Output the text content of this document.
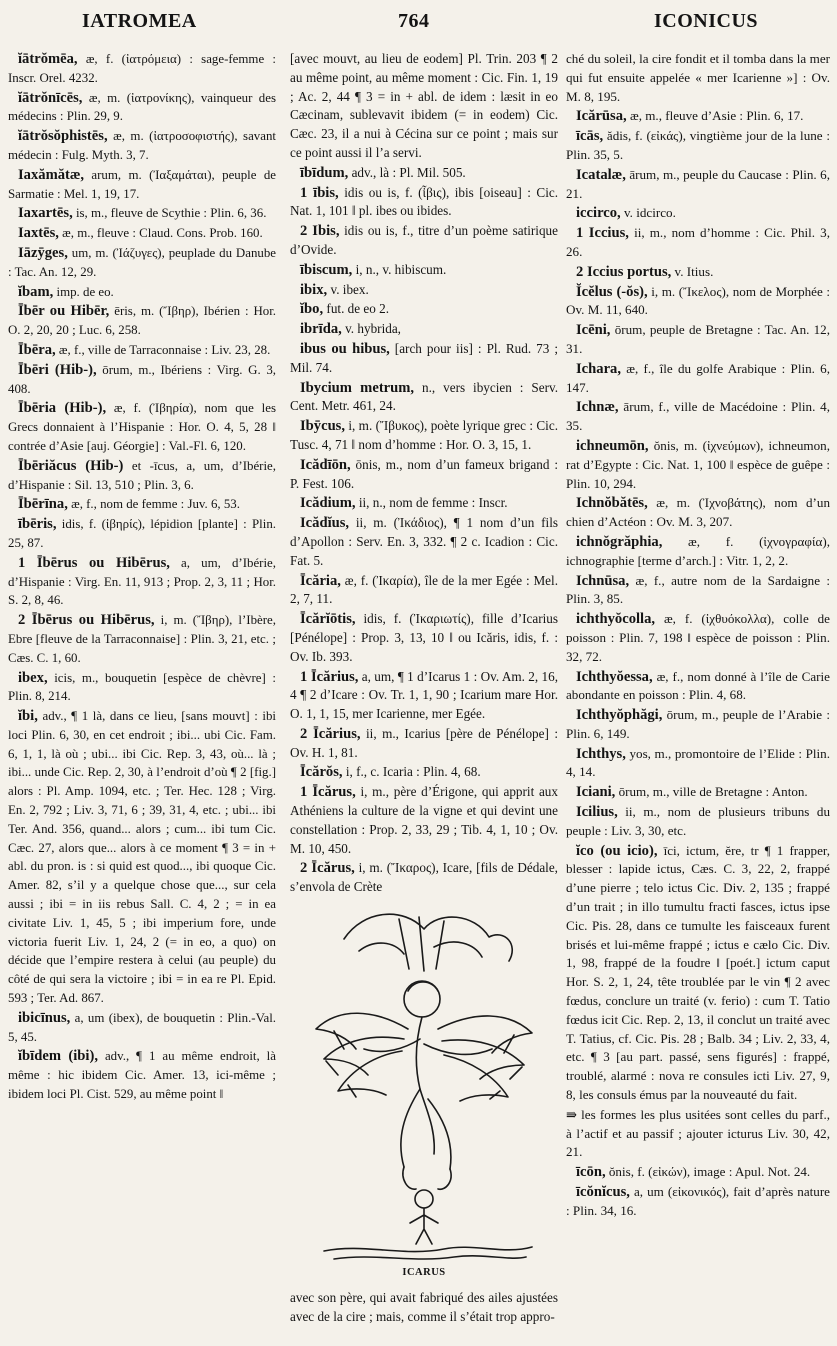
IATROMEA	764	ICONICUS

ĭātrŏmēa, æ, f. (ἰατρόμεια) : sage-femme : Inscr. Orel. 4232.

ĭātrŏnīcēs, æ, m. (ἰατρονίκης), vainqueur des médecins : Plin. 29, 9.

ĭātrŏsŏphistēs, æ, m. (ἰατροσοφιστής), savant médecin : Fulg. Myth. 3, 7.

Iaxămătæ, arum, m. (Ἰαξαμάται), peuple de Sarmatie : Mel. 1, 19, 17.

Iaxartēs, is, m., fleuve de Scythie : Plin. 6, 36.

Iaxtēs, æ, m., fleuve : Claud. Cons. Prob. 160.

Iāzȳges, um, m. (Ἰάζυγες), peuplade du Danube : Tac. An. 12, 29.

ĭbam, imp. de eo.

Ībēr ou Hibēr, ēris, m. (Ἴβηρ), Ibérien : Hor. O. 2, 20, 20 ; Luc. 6, 258.

Ībēra, æ, f., ville de Tarraconnaise : Liv. 23, 28.

Ībēri (Hib-), ōrum, m., Ibériens : Virg. G. 3, 408.

Ībēria (Hib-), æ, f. (Ἰβηρία), nom que les Grecs donnaient à l’Hispanie : Hor. O. 4, 5, 28 ‖ contrée d’Asie [auj. Géorgie] : Val.-Fl. 6, 120.

Ībēriăcus (Hib-) et -īcus, a, um, d’Ibérie, d’Hispanie : Sil. 13, 510 ; Plin. 3, 6.

Ībērīna, æ, f., nom de femme : Juv. 6, 53.

ībēris, idis, f. (ἰβηρίς), lépidion [plante] : Plin. 25, 87.

1 Ībērus ou Hibērus, a, um, d’Ibérie, d’Hispanie : Virg. En. 11, 913 ; Prop. 2, 3, 11 ; Hor. S. 2, 8, 46.

2 Ībērus ou Hibērus, i, m. (Ἴβηρ), l’Ibère, Ebre [fleuve de la Tarraconnaise] : Plin. 3, 21, etc. ; Cæs. C. 1, 60.

ibex, icis, m., bouquetin [espèce de chèvre] : Plin. 8, 214.

ĭbi, adv., ¶ 1 là, dans ce lieu, [sans mouvt] : ibi loci Plin. 6, 30, en cet endroit ; ibi... ubi Cic. Fam. 6, 1, 1, là où ; ubi... ibi Cic. Rep. 3, 43, où... là ; ibi... unde Cic. Rep. 2, 30, à l’endroit d’où ¶ 2 [fig.] alors : Pl. Amp. 1094, etc. ; Ter. Hec. 128 ; Virg. En. 2, 792 ; Liv. 3, 71, 6 ; 39, 31, 4, etc. ; ubi... ibi Ter. And. 356, quand... alors ; cum... ibi tum Cic. Cæc. 27, alors que... alors à ce moment ¶ 3 = in + abl. du pron. is : si quid est quod..., ibi quoque Cic. Amer. 82, s’il y a quelque chose que..., sur cela aussi ; ibi = in iis rebus Sall. C. 4, 2 ; = in ea civitate Liv. 1, 45, 5 ; ibi imperium fore, unde victoria fuerit Liv. 1, 24, 2 (= in eo, a quo) on décide que l’empire restera à celui (au peuple) du côté de qui sera la victoire ; ibi = in ea re Pl. Epid. 593 ; Ter. Ad. 867.

ibicīnus, a, um (ibex), de bouquetin : Plin.-Val. 5, 45.

ĭbīdem (ibi), adv., ¶ 1 au même endroit, là même : hic ibidem Cic. Amer. 13, ici-même ; ibidem loci Pl. Cist. 529, au même point ‖

[avec mouvt, au lieu de eodem] Pl. Trin. 203 ¶ 2 au même point, au même moment : Cic. Fin. 1, 19 ; Ac. 2, 44 ¶ 3 = in + abl. de idem : læsit in eo Cæcinam, sublevavit ibidem (= in eodem) Cic. Cæc. 23, il a nui à Cécina sur ce point ; mais sur ce point aussi il l’a servi.

ībīdum, adv., là : Pl. Mil. 505.

1 ībis, idis ou is, f. (ἶβις), ibis [oiseau] : Cic. Nat. 1, 101 ‖ pl. ibes ou ibides.

2 Ibis, idis ou is, f., titre d’un poème satirique d’Ovide.

ībiscum, i, n., v. hibiscum.

ibix, v. ibex.

ĭbo, fut. de eo 2.

ibrīda, v. hybrida,

ibus ou hibus, [arch pour iis] : Pl. Rud. 73 ; Mil. 74.

Ibycium metrum, n., vers ibycien : Serv. Cent. Metr. 461, 24.

Ibȳcus, i, m. (Ἴβυκος), poète lyrique grec : Cic. Tusc. 4, 71 ‖ nom d’homme : Hor. O. 3, 15, 1.

Icădīōn, ōnis, m., nom d’un fameux brigand : P. Fest. 106.

Icădium, ii, n., nom de femme : Inscr.

Icădĭus, ii, m. (Ἰκάδιος), ¶ 1 nom d’un fils d’Apollon : Serv. En. 3, 332. ¶ 2 c. Icadion : Cic. Fat. 5.

Īcăria, æ, f. (Ἰκαρία), île de la mer Egée : Mel. 2, 7, 11.

Īcărĭōtis, idis, f. (Ἰκαριωτίς), fille d’Icarius [Pénélope] : Prop. 3, 13, 10 ‖ ou Icăris, idis, f. : Ov. Ib. 393.

1 Īcărius, a, um, ¶ 1 d’Icarus 1 : Ov. Am. 2, 16, 4 ¶ 2 d’Icare : Ov. Tr. 1, 1, 90 ; Icarium mare Hor. O. 1, 1, 15, mer Icarienne, mer Egée.

2 Īcărius, ii, m., Icarius [père de Pénélope] : Ov. H. 1, 81.

Īcărŏs, i, f., c. Icaria : Plin. 4, 68.

1 Īcărus, i, m., père d’Érigone, qui apprit aux Athéniens la culture de la vigne et qui devint une constellation : Prop. 2, 33, 29 ; Tib. 4, 1, 10 ; Ov. M. 10, 450.

2 Īcărus, i, m. (Ἴκαρος), Icare, [fils de Dédale, s’envola de Crète

ICARUS

avec son père, qui avait fabriqué des ailes ajustées avec de la cire ; mais, comme il s’était trop appro-

ché du soleil, la cire fondit et il tomba dans la mer qui fut ensuite appelée « mer Icarienne »] : Ov. M. 8, 195.

Icărūsa, æ, m., fleuve d’Asie : Plin. 6, 17.

īcās, ădis, f. (εἰκάς), vingtième jour de la lune : Plin. 35, 5.

Icatalæ, ārum, m., peuple du Caucase : Plin. 6, 21.

iccirco, v. idcirco.

1 Iccius, ii, m., nom d’homme : Cic. Phil. 3, 26.

2 Iccius portus, v. Itius.

Ĭcĕlus (-ŏs), i, m. (Ἴκελος), nom de Morphée : Ov. M. 11, 640.

Icēni, ōrum, peuple de Bretagne : Tac. An. 12, 31.

Ichara, æ, f., île du golfe Arabique : Plin. 6, 147.

Ichnæ, ārum, f., ville de Macédoine : Plin. 4, 35.

ichneumōn, ŏnis, m. (ἰχνεύμων), ichneumon, rat d’Egypte : Cic. Nat. 1, 100 ‖ espèce de guêpe : Plin. 10, 294.

Ichnŏbătēs, æ, m. (Ἰχνοβάτης), nom d’un chien d’Actéon : Ov. M. 3, 207.

ichnŏgrăphia, æ, f. (ἰχνογραφία), ichnographie [terme d’arch.] : Vitr. 1, 2, 2.

Ichnūsa, æ, f., autre nom de la Sardaigne : Plin. 3, 85.

ichthyŏcolla, æ, f. (ἰχθυόκολλα), colle de poisson : Plin. 7, 198 ‖ espèce de poisson : Plin. 32, 72.

Ichthyŏessa, æ, f., nom donné à l’île de Carie abondante en poisson : Plin. 4, 68.

Ichthyŏphăgi, ōrum, m., peuple de l’Arabie : Plin. 6, 149.

Ichthys, yos, m., promontoire de l’Elide : Plin. 4, 14.

Iciani, ōrum, m., ville de Bretagne : Anton.

Icilius, ii, m., nom de plusieurs tribuns du peuple : Liv. 3, 30, etc.

ĭco (ou icio), īci, ictum, ĕre, tr ¶ 1 frapper, blesser : lapide ictus, Cæs. C. 3, 22, 2, frappé d’une pierre ; telo ictus Cic. Div. 2, 135 ; frappé d’un trait ; in illo tumultu fracti fasces, ictus ipse Cic. Pis. 28, dans ce tumulte les faisceaux furent brisés et lui-même frappé ; ictus e cælo Cic. Div. 1, 98, frappé de la foudre ‖ [poét.] ictum caput Hor. S. 2, 1, 24, tête troublée par le vin ¶ 2 avec fœdus, conclure un traité (v. ferio) : cum T. Tatio fœdus icit Cic. Rep. 2, 13, il conclut un traité avec T. Tatius, cf. Cic. Pis. 28 ; Balb. 34 ; Liv. 2, 33, 4, etc. ¶ 3 [au part. passé, sens figurés] : frappé, troublé, alarmé : nova re consules icti Liv. 27, 9, 8, les consuls émus par la nouveauté du fait.

⇛ les formes les plus usitées sont celles du parf., à l’actif et au passif ; ajouter icturus Liv. 30, 42, 21.

īcōn, ŏnis, f. (εἰκών), image : Apul. Not. 24.

īcŏnĭcus, a, um (εἰκονικός), fait d’après nature : Plin. 34, 16.
